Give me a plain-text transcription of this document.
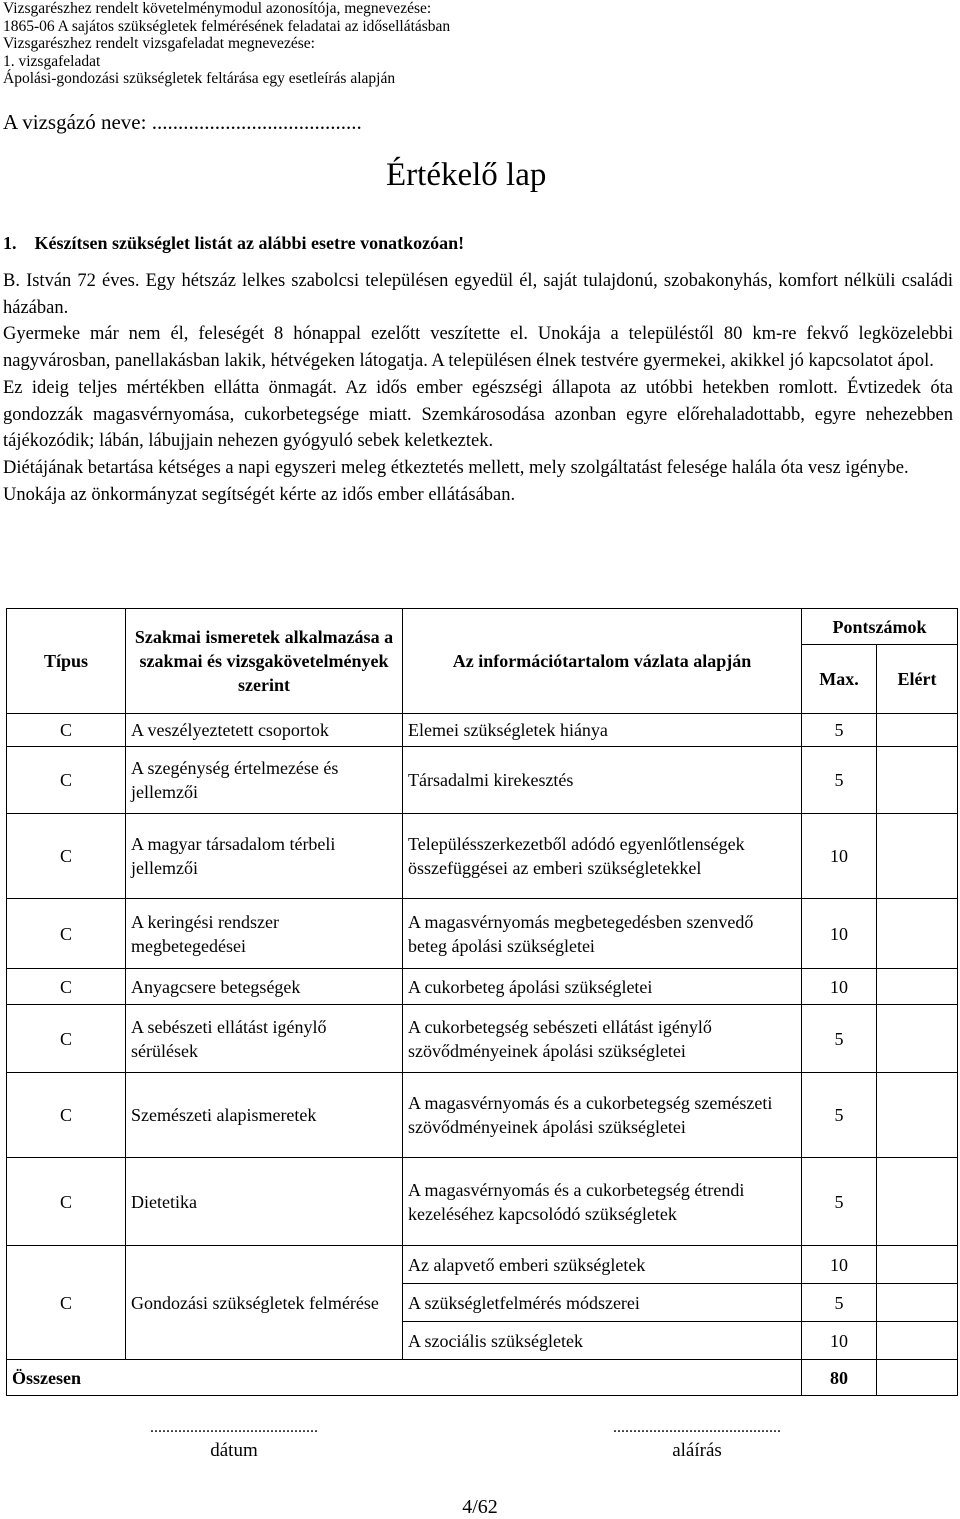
Vizsgarészhez rendelt követelménymodul azonosítója, megnevezése:
1865-06 A sajátos szükségletek felmérésének feladatai az idősellátásban
Vizsgarészhez rendelt vizsgafeladat megnevezése:
1. vizsgafeladat
Ápolási-gondozási szükségletek feltárása egy esetleírás alapján
A vizsgázó neve: ........................................
Értékelő lap
1.    Készítsen szükséglet listát az alábbi esetre vonatkozóan!

B. István 72 éves. Egy hétszáz lelkes szabolcsi településen egyedül él, saját tulajdonú, szobakonyhás, komfort nélküli családi házában.

Gyermeke már nem él, feleségét 8 hónappal ezelőtt veszítette el. Unokája a településtől 80 km-re fekvő legközelebbi nagyvárosban, panellakásban lakik, hétvégeken látogatja. A településen élnek testvére gyermekei, akikkel jó kapcsolatot ápol.

Ez ideig teljes mértékben ellátta önmagát. Az idős ember egészségi állapota az utóbbi hetekben romlott. Évtizedek óta gondozzák magasvérnyomása, cukorbetegsége miatt. Szemkárosodása azonban egyre előrehaladottabb, egyre nehezebben tájékozódik; lábán, lábujjain nehezen gyógyuló sebek keletkeztek.

Diétájának betartása kétséges a napi egyszeri meleg étkeztetés mellett, mely szolgáltatást felesége halála óta vesz igénybe.

Unokája az önkormányzat segítségét kérte az idős ember ellátásában.

Típus	Szakmai ismeretek alkalmazása a szakmai és vizsgakövetelmények szerint	Az információtartalom vázlata alapján	Pontszámok	
			Max.	Elért
C	A veszélyeztetett csoportok	Elemei szükségletek hiánya	5	
C	A szegénység értelmezése és jellemzői	Társadalmi kirekesztés	5	
C	A magyar társadalom térbeli jellemzői	Településszerkezetből adódó egyenlőtlenségek összefüggései az emberi szükségletekkel	10	
C	A keringési rendszer megbetegedései	A magasvérnyomás megbetegedésben szenvedő beteg ápolási szükségletei	10	
C	Anyagcsere betegségek	A cukorbeteg ápolási szükségletei	10	
C	A sebészeti ellátást igénylő sérülések	A cukorbetegség sebészeti ellátást igénylő szövődményeinek ápolási szükségletei	5	
C	Szemészeti alapismeretek	A magasvérnyomás és a cukorbetegség szemészeti szövődményeinek ápolási szükségletei	5	
C	Dietetika	A magasvérnyomás és a cukorbetegség étrendi kezeléséhez kapcsolódó szükségletek	5	
C	Gondozási szükségletek felmérése	Az alapvető emberi szükségletek	10	
		A szükségletfelmérés módszerei	5	
		A szociális szükségletek	10	
Összesen			80	
..........................................
dátum
..........................................
aláírás
4/62
